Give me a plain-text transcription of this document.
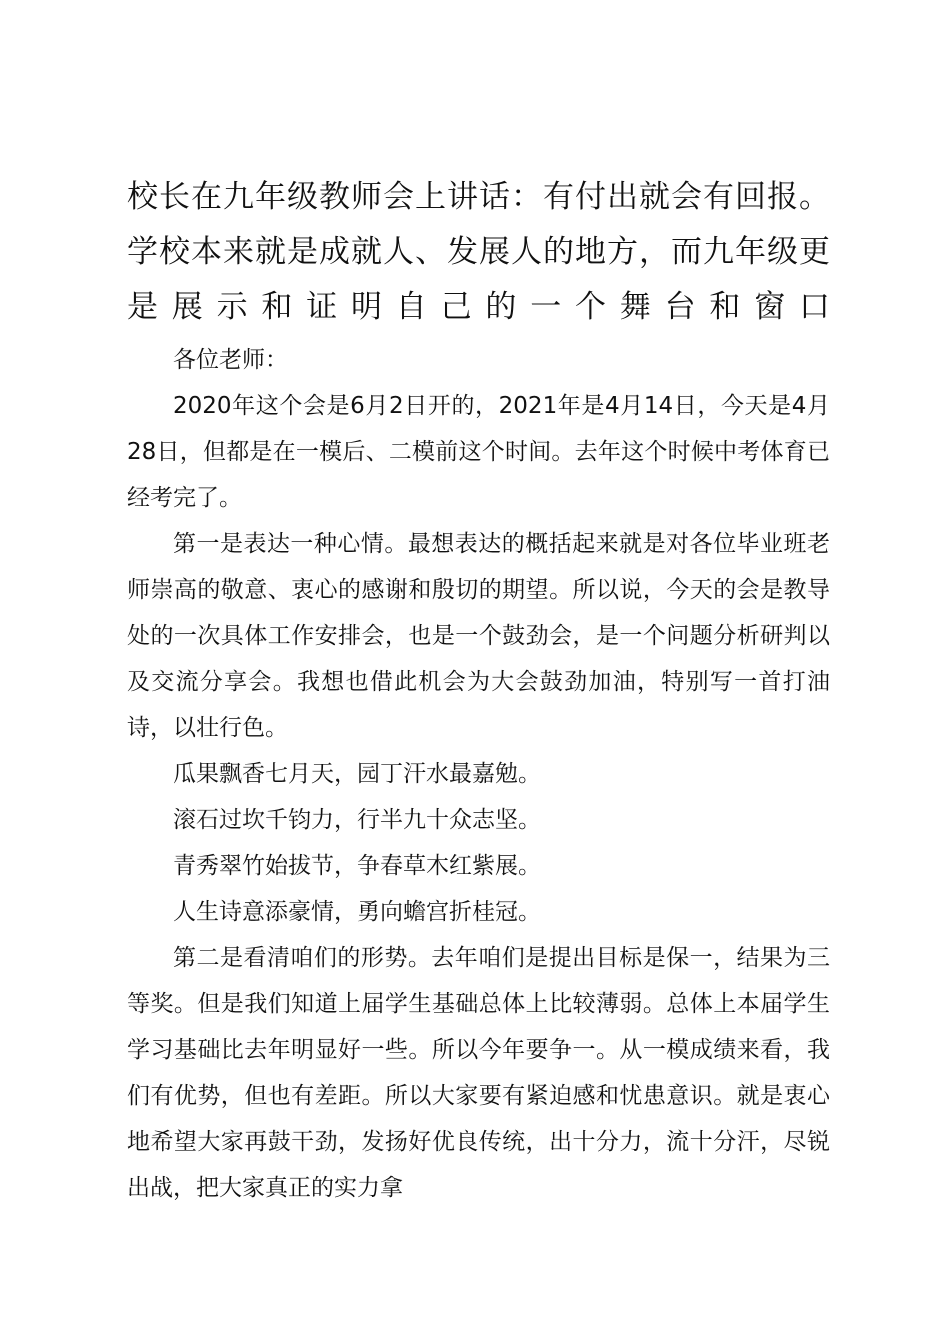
校长在九年级教师会上讲话：有付出就会有回报。学校本来就是成就人、发展人的地方，而九年级更是展示和证明自己的一个舞台和窗口

各位老师：

2020年这个会是6月2日开的，2021年是4月14日，今天是4月28日，但都是在一模后、二模前这个时间。去年这个时候中考体育已经考完了。

第一是表达一种心情。最想表达的概括起来就是对各位毕业班老师崇高的敬意、衷心的感谢和殷切的期望。所以说，今天的会是教导处的一次具体工作安排会，也是一个鼓劲会，是一个问题分析研判以及交流分享会。我想也借此机会为大会鼓劲加油，特别写一首打油诗，以壮行色。

瓜果飘香七月天，园丁汗水最嘉勉。

滚石过坎千钧力，行半九十众志坚。

青秀翠竹始拔节，争春草木红紫展。

人生诗意添豪情，勇向蟾宫折桂冠。

第二是看清咱们的形势。去年咱们是提出目标是保一，结果为三等奖。但是我们知道上届学生基础总体上比较薄弱。总体上本届学生学习基础比去年明显好一些。所以今年要争一。从一模成绩来看，我们有优势，但也有差距。所以大家要有紧迫感和忧患意识。就是衷心地希望大家再鼓干劲，发扬好优良传统，出十分力，流十分汗，尽锐出战，把大家真正的实力拿
